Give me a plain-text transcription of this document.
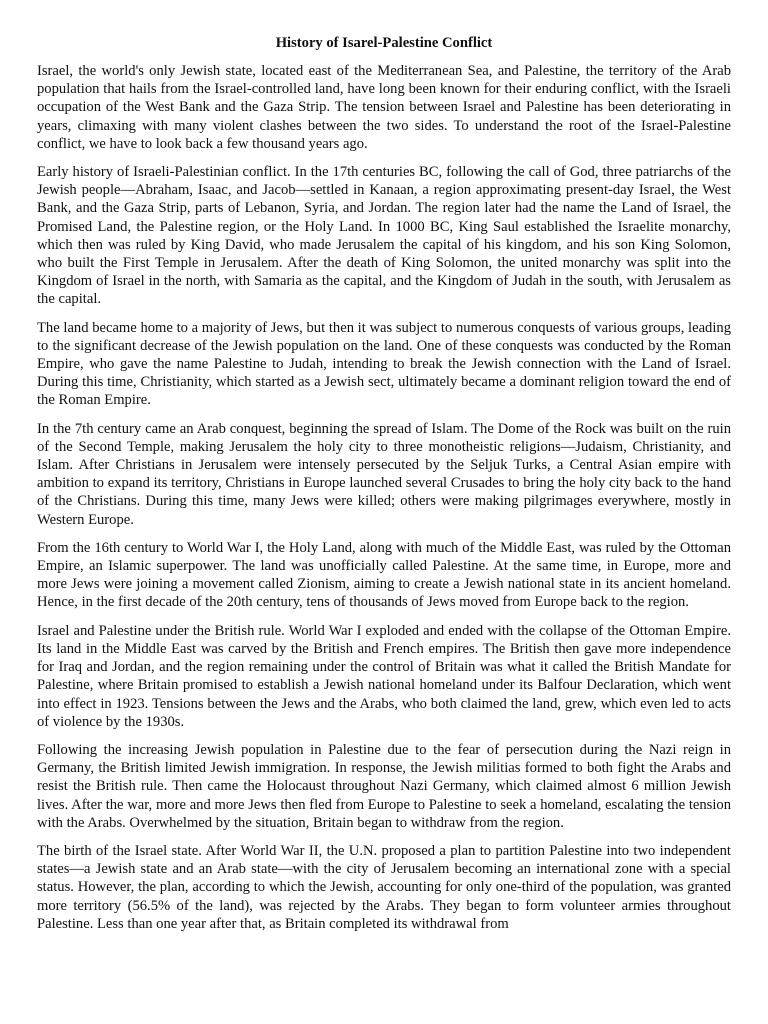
History of Isarel-Palestine Conflict

Israel, the world's only Jewish state, located east of the Mediterranean Sea, and Palestine, the territory of the Arab population that hails from the Israel-controlled land, have long been known for their enduring conflict, with the Israeli occupation of the West Bank and the Gaza Strip. The tension between Israel and Palestine has been deteriorating in years, climaxing with many violent clashes between the two sides. To understand the root of the Israel-Palestine conflict, we have to look back a few thousand years ago.

Early history of Israeli-Palestinian conflict. In the 17th centuries BC, following the call of God, three patriarchs of the Jewish people—Abraham, Isaac, and Jacob—settled in Kanaan, a region approximating present-day Israel, the West Bank, and the Gaza Strip, parts of Lebanon, Syria, and Jordan. The region later had the name the Land of Israel, the Promised Land, the Palestine region, or the Holy Land. In 1000 BC, King Saul established the Israelite monarchy, which then was ruled by King David, who made Jerusalem the capital of his kingdom, and his son King Solomon, who built the First Temple in Jerusalem. After the death of King Solomon, the united monarchy was split into the Kingdom of Israel in the north, with Samaria as the capital, and the Kingdom of Judah in the south, with Jerusalem as the capital.

The land became home to a majority of Jews, but then it was subject to numerous conquests of various groups, leading to the significant decrease of the Jewish population on the land. One of these conquests was conducted by the Roman Empire, who gave the name Palestine to Judah, intending to break the Jewish connection with the Land of Israel. During this time, Christianity, which started as a Jewish sect, ultimately became a dominant religion toward the end of the Roman Empire.

In the 7th century came an Arab conquest, beginning the spread of Islam. The Dome of the Rock was built on the ruin of the Second Temple, making Jerusalem the holy city to three monotheistic religions—Judaism, Christianity, and Islam. After Christians in Jerusalem were intensely persecuted by the Seljuk Turks, a Central Asian empire with ambition to expand its territory, Christians in Europe launched several Crusades to bring the holy city back to the hand of the Christians. During this time, many Jews were killed; others were making pilgrimages everywhere, mostly in Western Europe.

From the 16th century to World War I, the Holy Land, along with much of the Middle East, was ruled by the Ottoman Empire, an Islamic superpower. The land was unofficially called Palestine. At the same time, in Europe, more and more Jews were joining a movement called Zionism, aiming to create a Jewish national state in its ancient homeland. Hence, in the first decade of the 20th century, tens of thousands of Jews moved from Europe back to the region.

Israel and Palestine under the British rule. World War I exploded and ended with the collapse of the Ottoman Empire. Its land in the Middle East was carved by the British and French empires. The British then gave more independence for Iraq and Jordan, and the region remaining under the control of Britain was what it called the British Mandate for Palestine, where Britain promised to establish a Jewish national homeland under its Balfour Declaration, which went into effect in 1923. Tensions between the Jews and the Arabs, who both claimed the land, grew, which even led to acts of violence by the 1930s.

Following the increasing Jewish population in Palestine due to the fear of persecution during the Nazi reign in Germany, the British limited Jewish immigration. In response, the Jewish militias formed to both fight the Arabs and resist the British rule. Then came the Holocaust throughout Nazi Germany, which claimed almost 6 million Jewish lives. After the war, more and more Jews then fled from Europe to Palestine to seek a homeland, escalating the tension with the Arabs. Overwhelmed by the situation, Britain began to withdraw from the region.

The birth of the Israel state. After World War II, the U.N. proposed a plan to partition Palestine into two independent states—a Jewish state and an Arab state—with the city of Jerusalem becoming an international zone with a special status. However, the plan, according to which the Jewish, accounting for only one-third of the population, was granted more territory (56.5% of the land), was rejected by the Arabs. They began to form volunteer armies throughout Palestine. Less than one year after that, as Britain completed its withdrawal from
